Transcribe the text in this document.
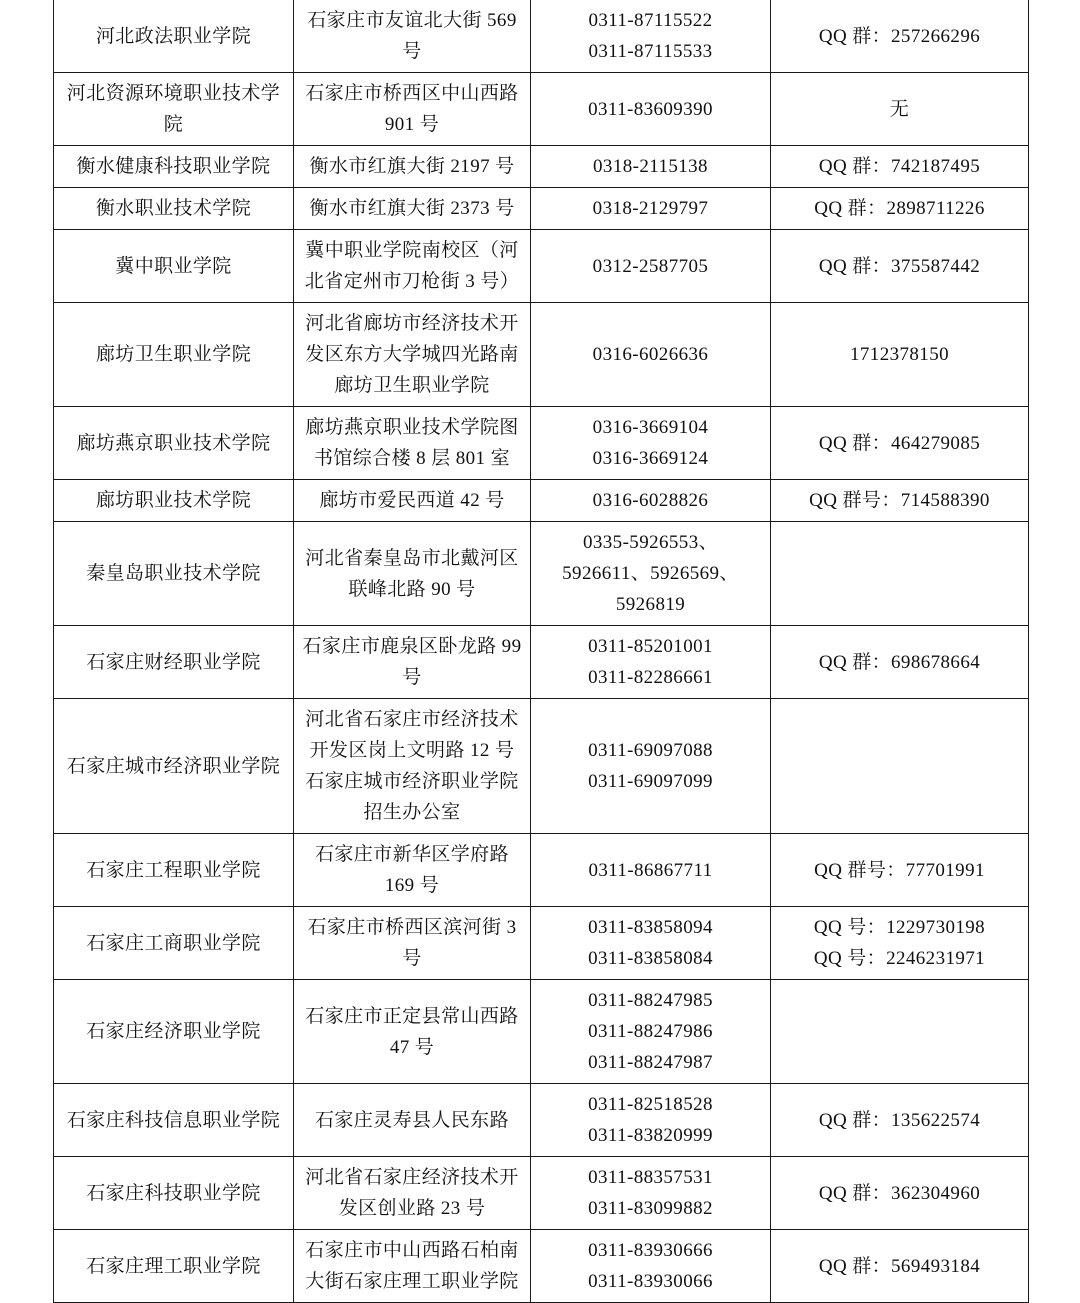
河北政法职业学院	石家庄市友谊北大街 569 号	0311-87115522
0311-87115533	QQ 群：257266296

河北资源环境职业技术学院	石家庄市桥西区中山西路 901 号	0311-83609390	无

衡水健康科技职业学院	衡水市红旗大街 2197 号	0318-2115138	QQ 群：742187495

衡水职业技术学院	衡水市红旗大街 2373 号	0318-2129797	QQ 群：2898711226

冀中职业学院	冀中职业学院南校区（河北省定州市刀枪街 3 号）	0312-2587705	QQ 群：375587442

廊坊卫生职业学院	河北省廊坊市经济技术开发区东方大学城四光路南廊坊卫生职业学院	0316-6026636	1712378150

廊坊燕京职业技术学院	廊坊燕京职业技术学院图书馆综合楼 8 层 801 室	0316-3669104
0316-3669124	QQ 群：464279085

廊坊职业技术学院	廊坊市爱民西道 42 号	0316-6028826	QQ 群号：714588390

秦皇岛职业技术学院	河北省秦皇岛市北戴河区联峰北路 90 号	0335-5926553、
5926611、5926569、
5926819	

石家庄财经职业学院	石家庄市鹿泉区卧龙路 99 号	0311-85201001
0311-82286661	QQ 群：698678664

石家庄城市经济职业学院	河北省石家庄市经济技术开发区岗上文明路 12 号石家庄城市经济职业学院招生办公室	0311-69097088
0311-69097099	

石家庄工程职业学院	石家庄市新华区学府路 169 号	0311-86867711	QQ 群号：77701991

石家庄工商职业学院	石家庄市桥西区滨河街 3 号	0311-83858094
0311-83858084	QQ 号：1229730198
QQ 号：2246231971

石家庄经济职业学院	石家庄市正定县常山西路 47 号	0311-88247985
0311-88247986
0311-88247987	

石家庄科技信息职业学院	石家庄灵寿县人民东路	0311-82518528
0311-83820999	QQ 群：135622574

石家庄科技职业学院	河北省石家庄经济技术开发区创业路 23 号	0311-88357531
0311-83099882	QQ 群：362304960

石家庄理工职业学院	石家庄市中山西路石柏南大街石家庄理工职业学院	0311-83930666
0311-83930066	QQ 群：569493184
